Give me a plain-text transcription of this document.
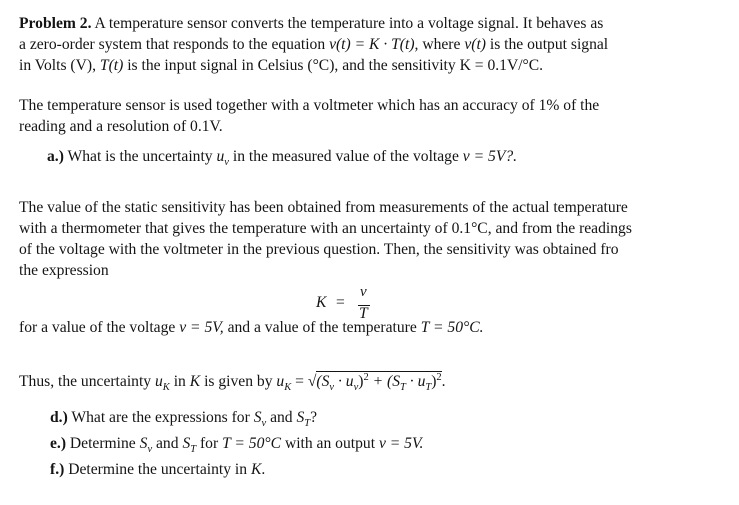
Problem 2. A temperature sensor converts the temperature into a voltage signal. It behaves as
a zero-order system that responds to the equation v(t) = K · T(t), where v(t) is the output signal
in Volts (V), T(t) is the input signal in Celsius (°C), and the sensitivity K = 0.1V/°C.
The temperature sensor is used together with a voltmeter which has an accuracy of 1% of the
reading and a resolution of 0.1V.
a.) What is the uncertainty $u_v$ in the measured value of the voltage v = 5V?.
The value of the static sensitivity has been obtained from measurements of the actual temperature
with a thermometer that gives the temperature with an uncertainty of 0.1°C, and from the readings
of the voltage with the voltmeter in the previous question. Then, the sensitivity was obtained fro
the expression
K =
v
T
for a value of the voltage v = 5V, and a value of the temperature T = 50°C.
Thus, the uncertainty $u_K$ in K is given by $u_K = √(S_v \cdot u_v)^2 + (S_T \cdot u_T)^2$.
d.) What are the expressions for $S_v$ and $S_T$?
e.) Determine $S_v$ and $S_T$ for T = 50°C with an output v = 5V.
f.) Determine the uncertainty in K.
